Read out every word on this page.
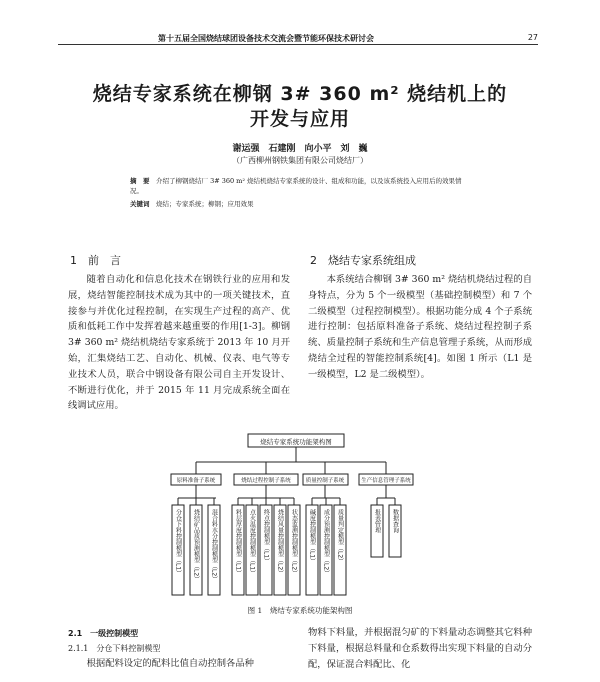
第十五届全国烧结球团设备技术交流会暨节能环保技术研讨会	27
烧结专家系统在柳钢 3# 360 m² 烧结机上的
开发与应用
谢运强　石建刚　向小平　刘　巍
（广西柳州钢铁集团有限公司烧结厂）
摘　要　 介绍了柳钢烧结厂 3# 360 m² 烧结机烧结专家系统的设计、组成和功能，以及该系统投入应用后的效果情况。
关键词　 烧结；专家系统；柳钢；应用效果
1　前　言

随着自动化和信息化技术在钢铁行业的应用和发展，烧结智能控制技术成为其中的一项关键技术，直接参与并优化过程控制，在实现生产过程的高产、优质和低耗工作中发挥着越来越重要的作用[1-3]。柳钢 3# 360 m² 烧结机烧结专家系统于 2013 年 10 月开始，汇集烧结工艺、自动化、机械、仪表、电气等专业技术人员，联合中钢设备有限公司自主开发设计、不断进行优化，并于 2015 年 11 月完成系统全面在线调试应用。

2　烧结专家系统组成

本系统结合柳钢 3# 360 m² 烧结机烧结过程的自身特点，分为 5 个一级模型（基础控制模型）和 7 个二级模型（过程控制模型）。根据功能分成 4 个子系统进行控制：包括原料准备子系统、烧结过程控制子系统、质量控制子系统和生产信息管理子系统，从而形成烧结全过程的智能控制系统[4]。如图 1 所示（L1 是一级模型，L2 是二级模型）。

烧结专家系统功能架构图
原料准备子系统	烧结过程控制子系统	质量控制子系统	生产信息管理子系统
分仓下料控制模型（L1） 烧结矿品质预测模型（L2） 混合料水分控制模型（L2）	料层厚度控制模型（L1） 点火温度控制模型（L1） 终点控制模型（L1） 烧结风量控制模型（L2） 状态监测控制模型（L2） 碱度控制模型（L1） 成分预测控制模型（L2） 质量判定模型（L2）	报表管理 数据查询
图 1　烧结专家系统功能架构图
2.1　一级控制模型
2.1.1　分仓下料控制模型
根据配料设定的配料比值自动控制各品种
物料下料量，并根据混匀矿的下料量动态调整其它料种下料量，根据总料量和仓系数得出实现下料量的自动分配，保证混合料配比、化
